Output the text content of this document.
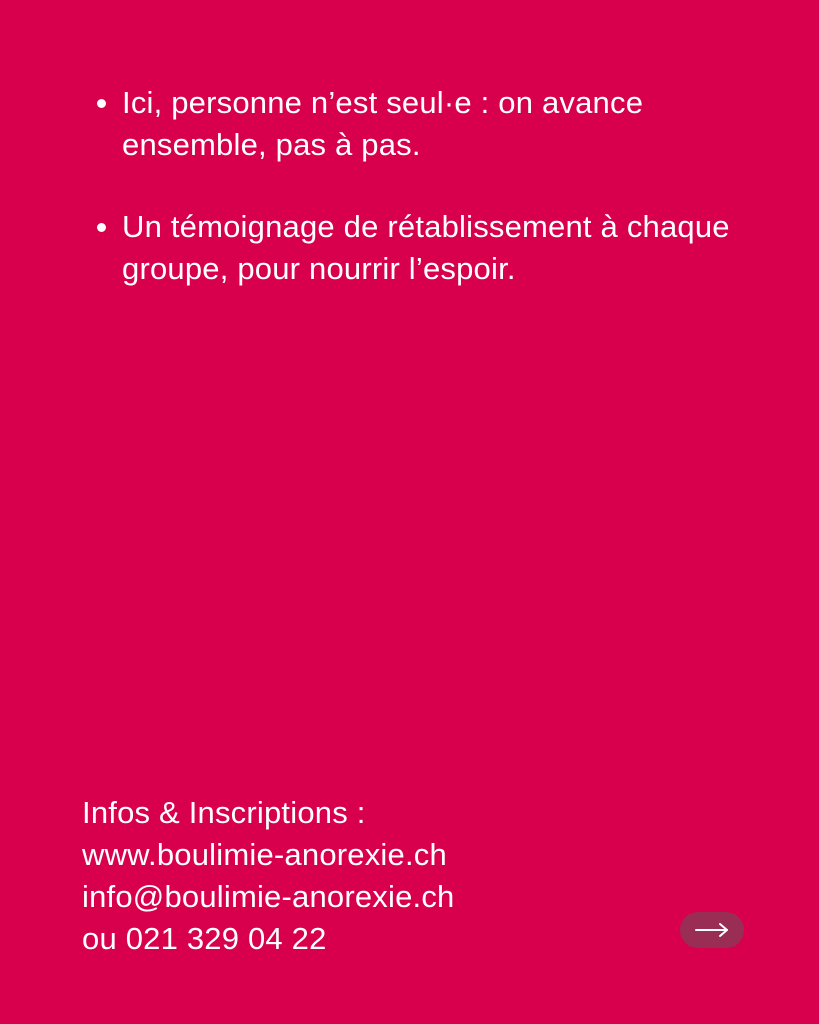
Ici, personne n’est seul·e : on avance ensemble, pas à pas.
Un témoignage de rétablissement à chaque groupe, pour nourrir l’espoir.
Infos & Inscriptions :
www.boulimie-anorexie.ch
info@boulimie-anorexie.ch
ou 021 329 04 22
